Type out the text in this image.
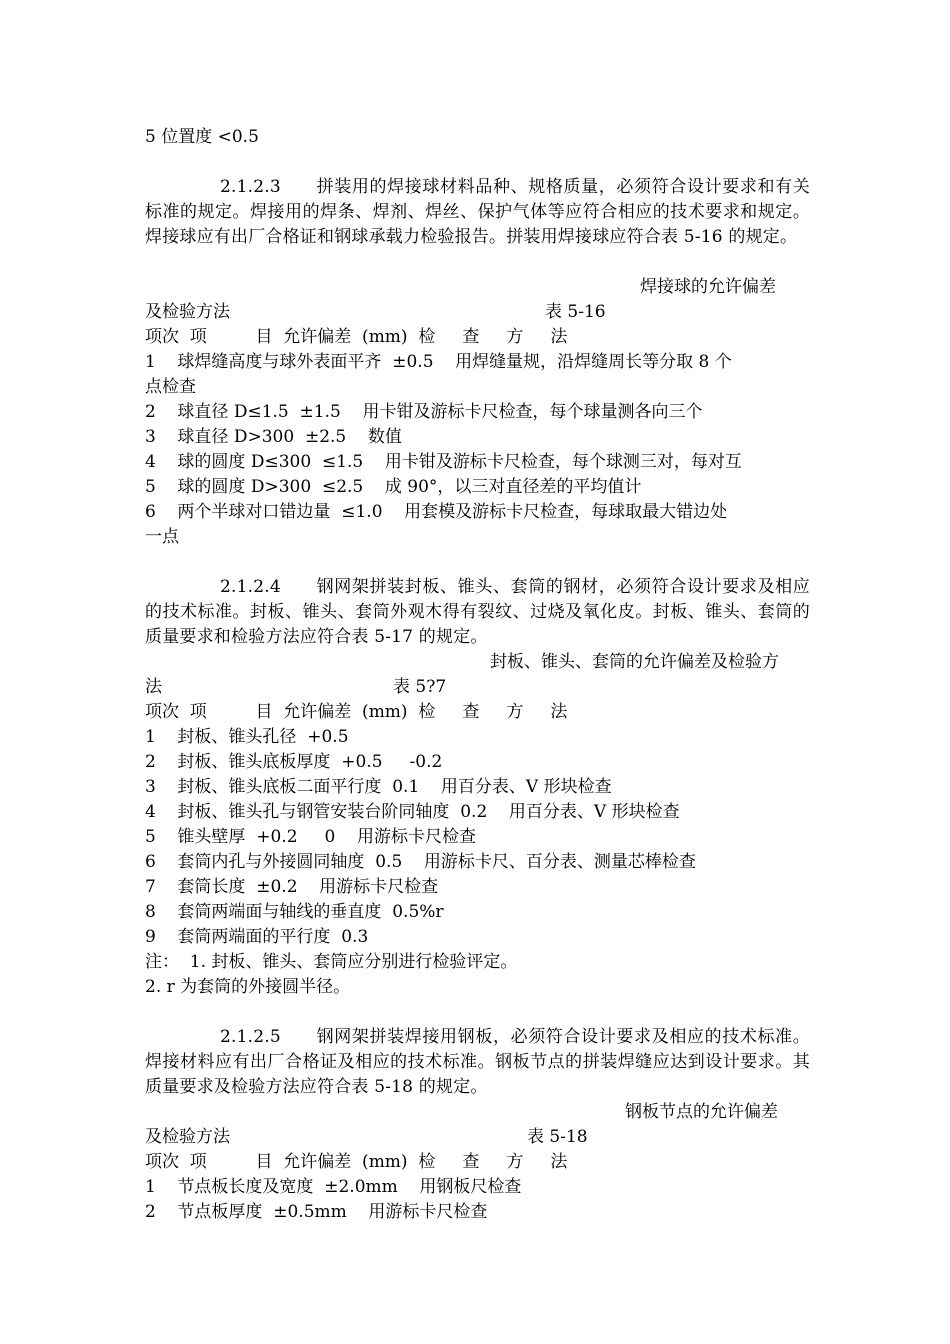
5 位置度 <0.5
2.1.2.3　　拼装用的焊接球材料品种、规格质量，必须符合设计要求和有关标准的规定。焊接用的焊条、焊剂、焊丝、保护气体等应符合相应的技术要求和规定。焊接球应有出厂合格证和钢球承载力检验报告。拼装用焊接球应符合表 5-16 的规定。
焊接球的允许偏差
及检验方法	表 5-16
项次  项         目  允许偏差  (mm)  检     查     方     法
1    球焊缝高度与球外表面平齐  ±0.5    用焊缝量规，沿焊缝周长等分取 8 个
点检查
2    球直径 D≤1.5  ±1.5    用卡钳及游标卡尺检查，每个球量测各向三个
3    球直径 D>300  ±2.5    数值
4    球的圆度 D≤300  ≤1.5    用卡钳及游标卡尺检查，每个球测三对，每对互
5    球的圆度 D>300  ≤2.5    成 90°，以三对直径差的平均值计
6    两个半球对口错边量  ≤1.0    用套模及游标卡尺检查，每球取最大错边处
一点
2.1.2.4　　钢网架拼装封板、锥头、套筒的钢材，必须符合设计要求及相应的技术标准。封板、锥头、套筒外观木得有裂纹、过烧及氧化皮。封板、锥头、套筒的质量要求和检验方法应符合表 5-17 的规定。
封板、锥头、套筒的允许偏差及检验方
法	表 5?7
项次  项         目  允许偏差  (mm)  检     查     方     法
1    封板、锥头孔径  +0.5
2    封板、锥头底板厚度  +0.5     -0.2
3    封板、锥头底板二面平行度  0.1    用百分表、V 形块检查
4    封板、锥头孔与钢管安装台阶同轴度  0.2    用百分表、V 形块检查
5    锥头壁厚  +0.2     0    用游标卡尺检查
6    套筒内孔与外接圆同轴度  0.5    用游标卡尺、百分表、测量芯棒检查
7    套筒长度  ±0.2    用游标卡尺检查
8    套筒两端面与轴线的垂直度  0.5%r
9    套筒两端面的平行度  0.3
注：  1. 封板、锥头、套筒应分别进行检验评定。
2. r 为套筒的外接圆半径。
2.1.2.5　　钢网架拼装焊接用钢板，必须符合设计要求及相应的技术标准。焊接材料应有出厂合格证及相应的技术标准。钢板节点的拼装焊缝应达到设计要求。其质量要求及检验方法应符合表 5-18 的规定。
钢板节点的允许偏差
及检验方法	表 5-18
项次  项         目  允许偏差  (mm)  检     查     方     法
1    节点板长度及宽度  ±2.0mm    用钢板尺检查
2    节点板厚度  ±0.5mm    用游标卡尺检查
